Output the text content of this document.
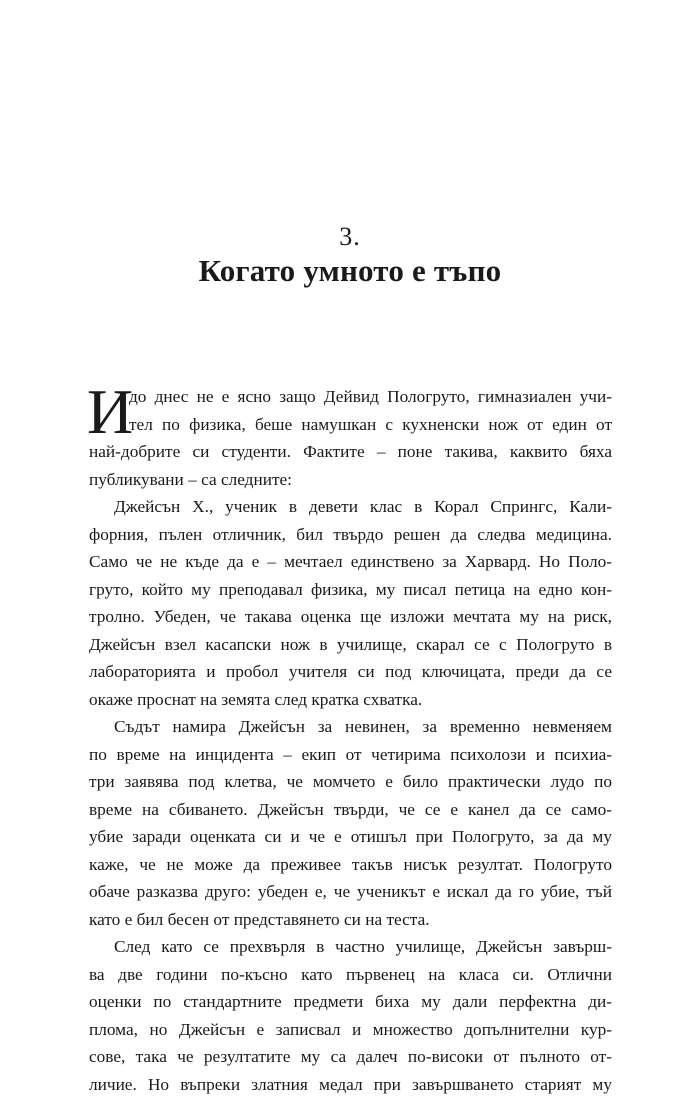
3.
Когато умното е тъпо
И
до днес не е ясно защо Дейвид Пологруто, гимназиален учи-
тел по физика, беше намушкан с кухненски нож от един от
най-добрите си студенти. Фактите – поне такива, каквито бяха
публикувани – са следните:
Джейсън Х., ученик в девети клас в Корал Спрингс, Кали-
форния, пълен отличник, бил твърдо решен да следва медицина.
Само че не къде да е – мечтаел единствено за Харвард. Но Поло-
груто, който му преподавал физика, му писал петица на едно кон-
тролно. Убеден, че такава оценка ще изложи мечтата му на риск,
Джейсън взел касапски нож в училище, скарал се с Пологруто в
лабораторията и пробол учителя си под ключицата, преди да се
окаже проснат на земята след кратка схватка.
Съдът намира Джейсън за невинен, за временно невменяем
по време на инцидента – екип от четирима психолози и психиа-
три заявява под клетва, че момчето е било практически лудо по
време на сбиването. Джейсън твърди, че се е канел да се само-
убие заради оценката си и че е отишъл при Пологруто, за да му
каже, че не може да преживее такъв нисък резултат. Пологруто
обаче разказва друго: убеден е, че ученикът е искал да го убие, тъй
като е бил бесен от представянето си на теста.
След като се прехвърля в частно училище, Джейсън завърш-
ва две години по-късно като първенец на класа си. Отлични
оценки по стандартните предмети биха му дали перфектна ди-
плома, но Джейсън е записвал и множество допълнителни кур-
сове, така че резултатите му са далеч по-високи от пълното от-
личие. Но въпреки златния медал при завършването старият му
